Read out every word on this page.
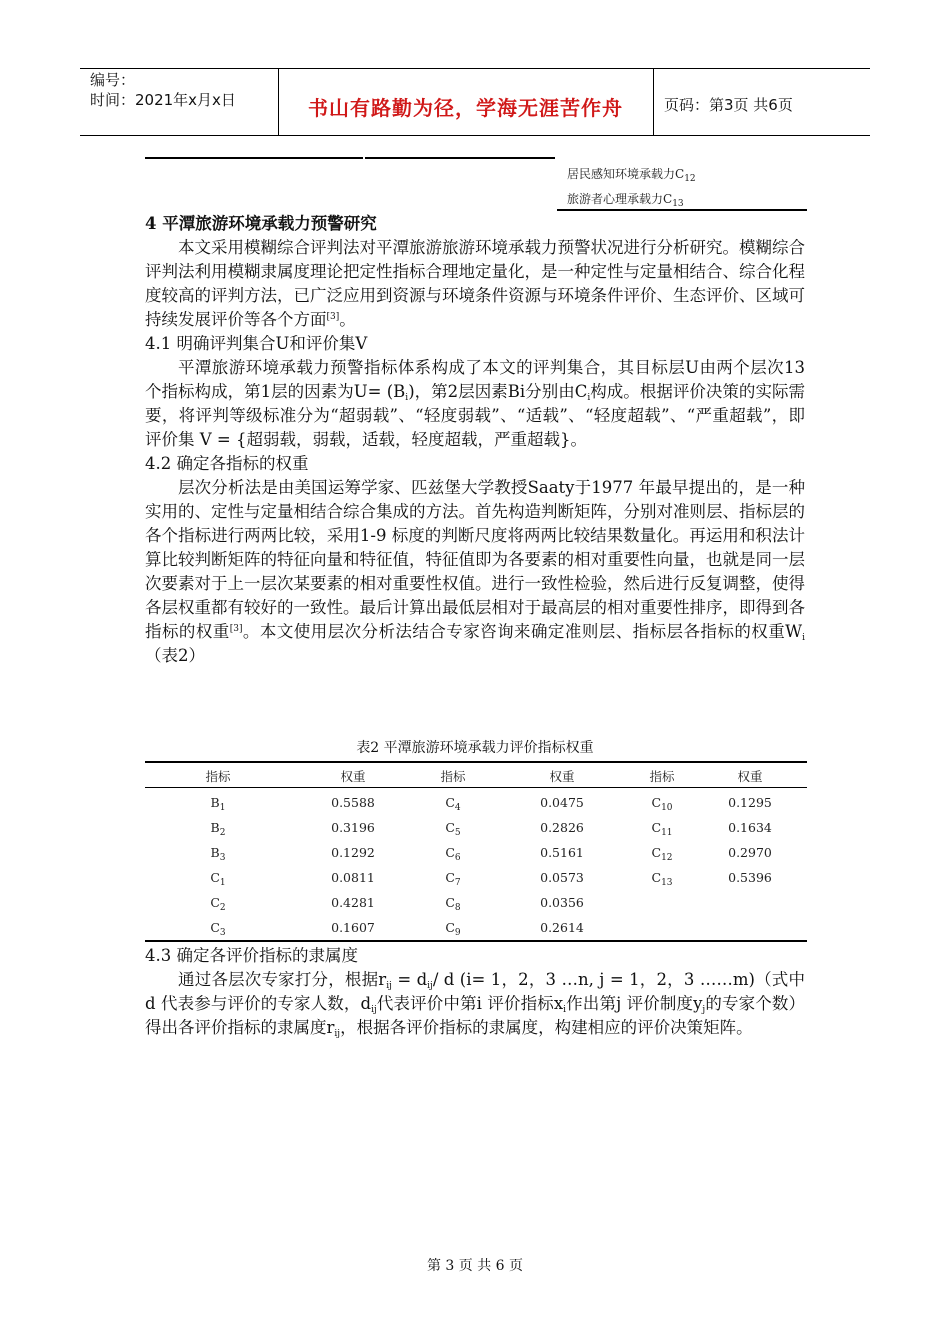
编号：
时间：2021年x月x日	书山有路勤为径，学海无涯苦作舟	页码：第3页 共6页
居民感知环境承载力$C_{12}$
旅游者心理承载力$C_{13}$

4 平潭旅游环境承载力预警研究

本文采用模糊综合评判法对平潭旅游旅游环境承载力预警状况进行分析研究。模糊综合评判法利用模糊隶属度理论把定性指标合理地定量化，是一种定性与定量相结合、综合化程度较高的评判方法，已广泛应用到资源与环境条件资源与环境条件评价、生态评价、区域可持续发展评价等各个方面[3]。

4.1 明确评判集合U和评价集V

平潭旅游环境承载力预警指标体系构成了本文的评判集合，其目标层U由两个层次13个指标构成，第1层的因素为$U= (B_i)$，第2层因素Bi分别由$C_i$构成。根据评价决策的实际需要，将评判等级标准分为“超弱载”、“轻度弱载”、“适载”、“轻度超载”、“严重超载”，即评价集 V = {超弱载，弱载，适载，轻度超载，严重超载}。

4.2 确定各指标的权重

层次分析法是由美国运筹学家、匹兹堡大学教授Saaty于1977 年最早提出的，是一种实用的、定性与定量相结合综合集成的方法。首先构造判断矩阵，分别对准则层、指标层的各个指标进行两两比较，采用1-9 标度的判断尺度将两两比较结果数量化。再运用和积法计算比较判断矩阵的特征向量和特征值，特征值即为各要素的相对重要性向量，也就是同一层次要素对于上一层次某要素的相对重要性权值。进行一致性检验，然后进行反复调整，使得各层权重都有较好的一致性。最后计算出最低层相对于最高层的相对重要性排序，即得到各指标的权重[3]。本文使用层次分析法结合专家咨询来确定准则层、指标层各指标的权重$W_i$（表2）

表2 平潭旅游环境承载力评价指标权重
指标	权重	指标	权重	指标	权重
$B_1$	0.5588	$C_4$	0.0475	$C_{10}$	0.1295
$B_2$	0.3196	$C_5$	0.2826	$C_{11}$	0.1634
$B_3$	0.1292	$C_6$	0.5161	$C_{12}$	0.2970
$C_1$	0.0811	$C_7$	0.0573	$C_{13}$	0.5396
$C_2$	0.4281	$C_8$	0.0356
$C_3$	0.1607	$C_9$	0.2614

4.3 确定各评价指标的隶属度

通过各层次专家打分，根据$r_{ij} = d_{ij}/$ d (i= 1，2，3 …n, j = 1，2，3 ……m)（式中d 代表参与评价的专家人数，$d_{ij}$代表评价中第i 评价指标$x_i$作出第j 评价制度$y_j$的专家个数）得出各评价指标的隶属度$r_{ij}$，根据各评价指标的隶属度，构建相应的评价决策矩阵。

第 3 页 共 6 页
